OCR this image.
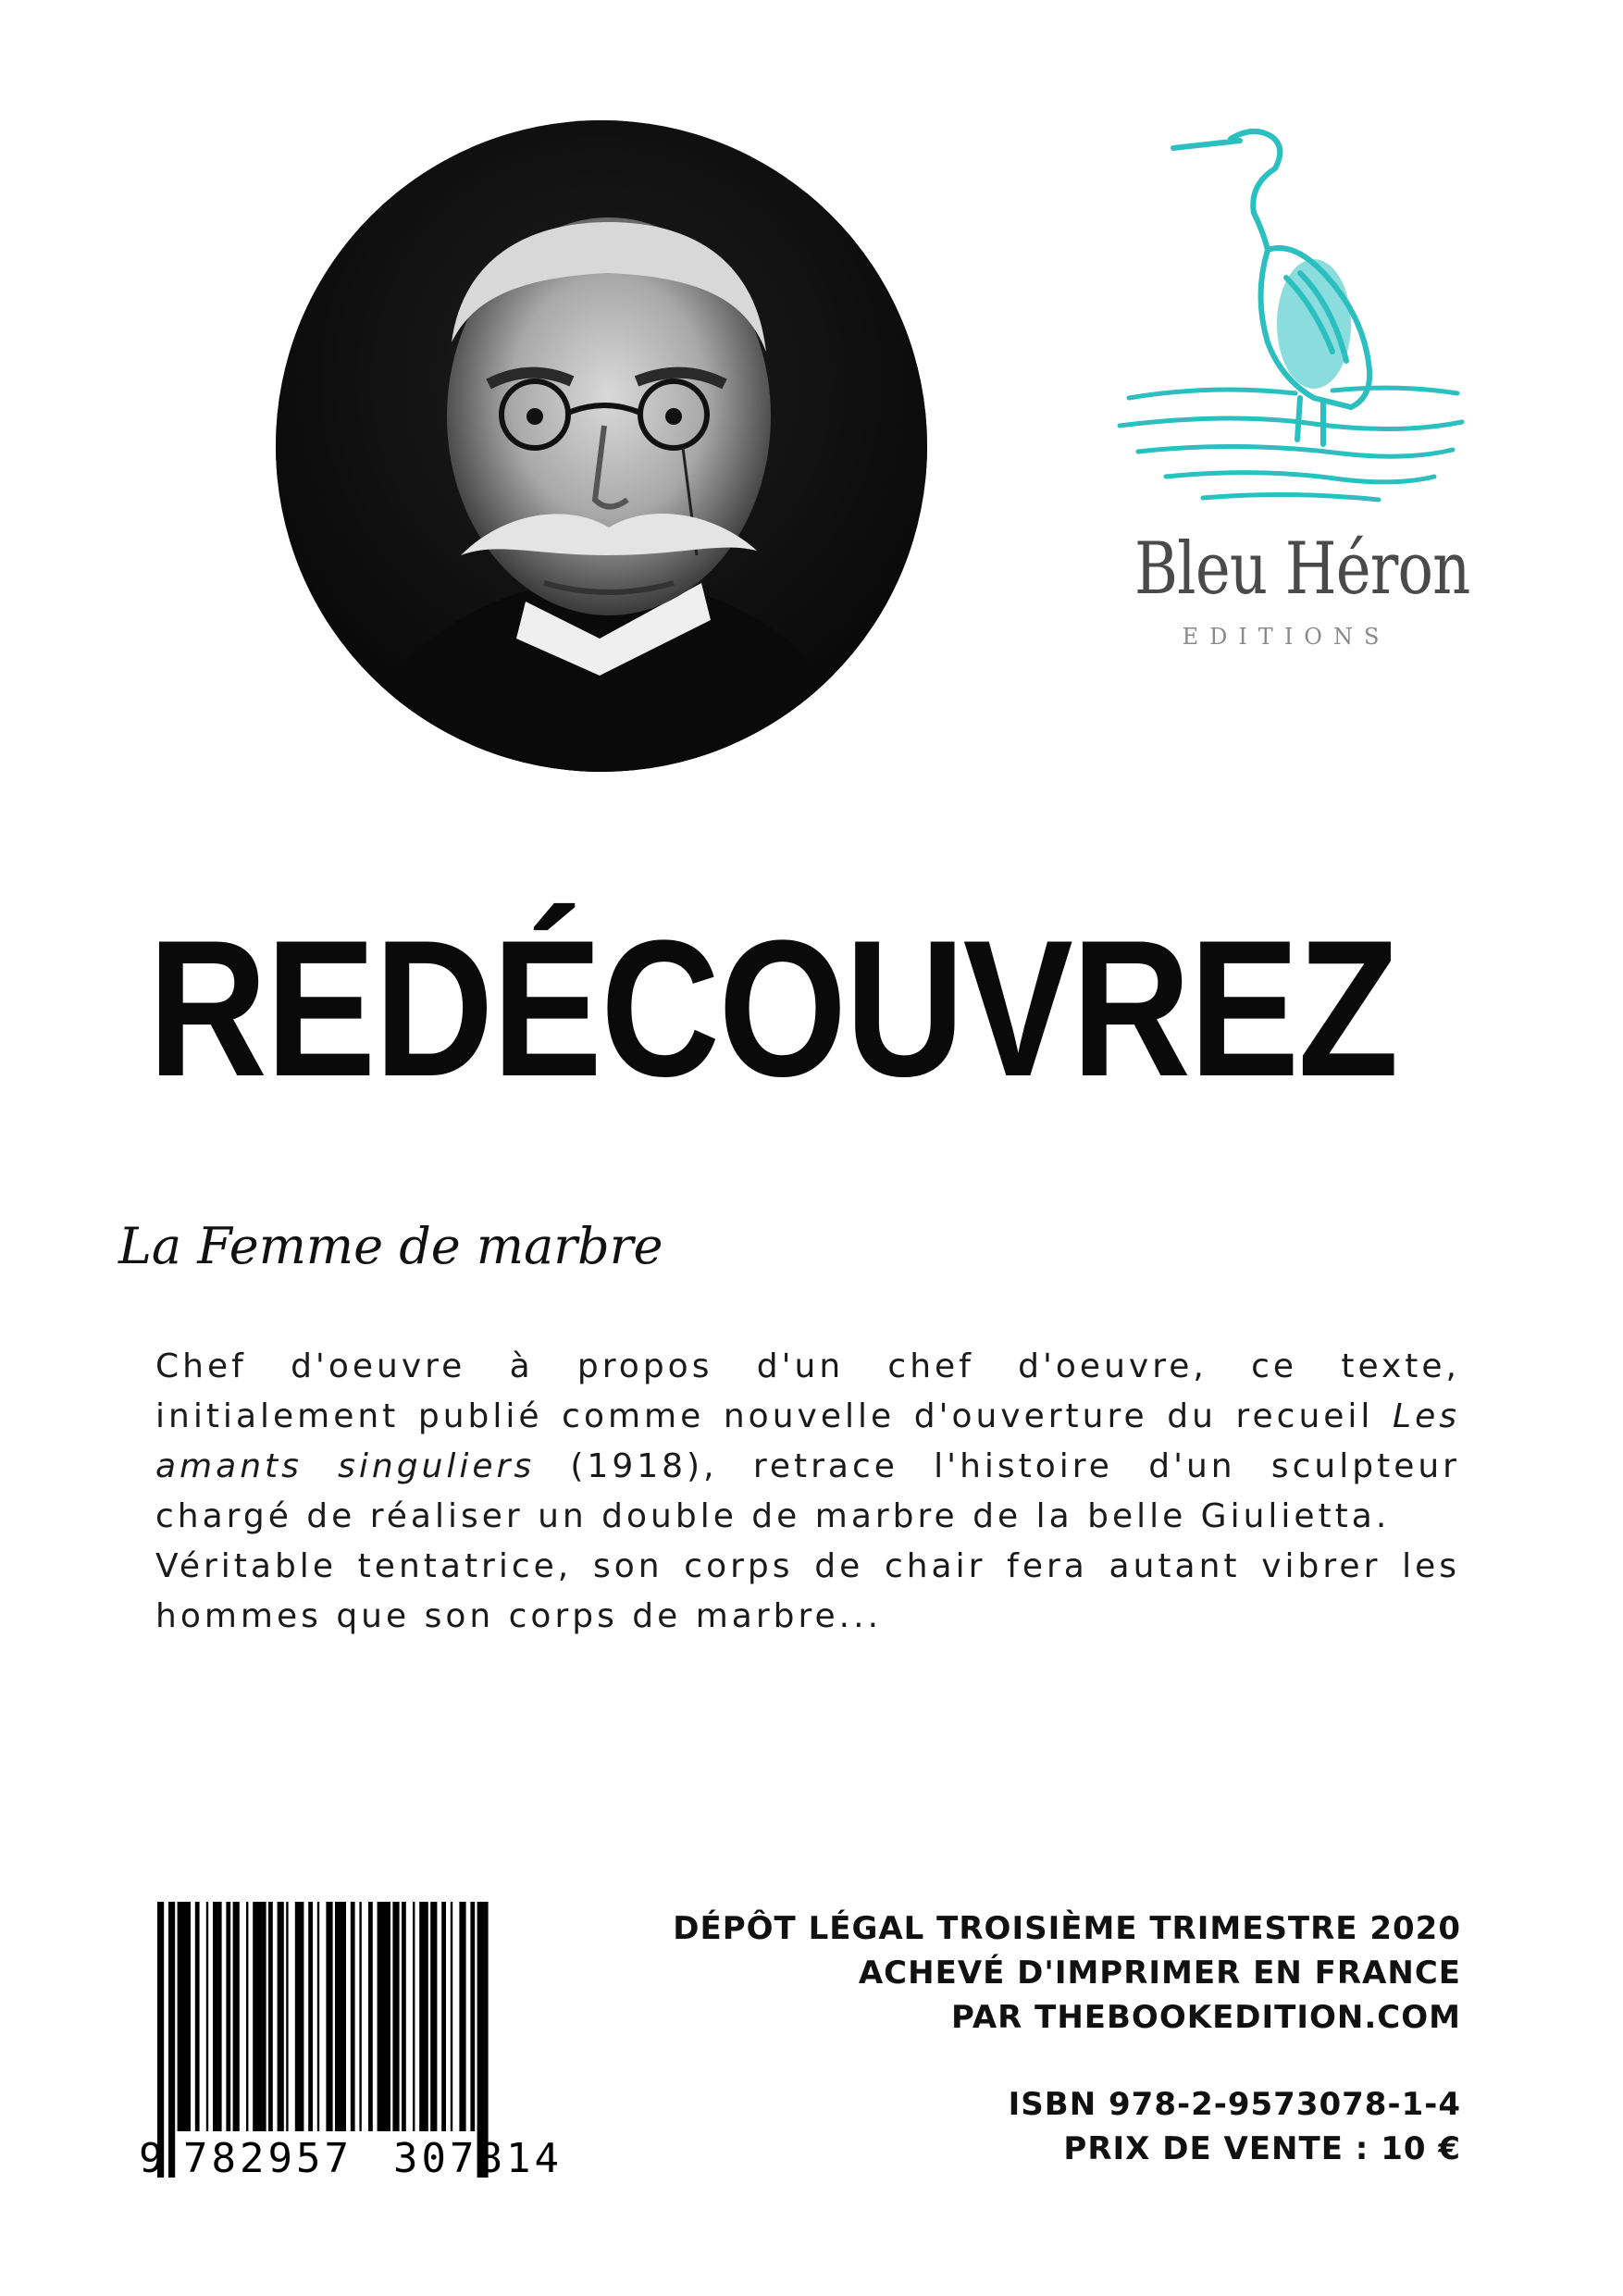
Bleu Héron
EDITIONS
REDÉCOUVREZ
La Femme de marbre

Chef d'oeuvre à propos d'un chef d'oeuvre, ce texte, initialement publié comme nouvelle d'ouverture du recueil Les amants singuliers (1918), retrace l'histoire d'un sculpteur chargé de réaliser un double de marbre de la belle Giulietta.

Véritable tentatrice, son corps de chair fera autant vibrer les hommes que son corps de marbre...

9 782957 307814
DÉPÔT LÉGAL TROISIÈME TRIMESTRE 2020
ACHEVÉ D'IMPRIMER EN FRANCE
PAR THEBOOKEDITION.COM
ISBN 978-2-9573078-1-4
PRIX DE VENTE : 10 €
